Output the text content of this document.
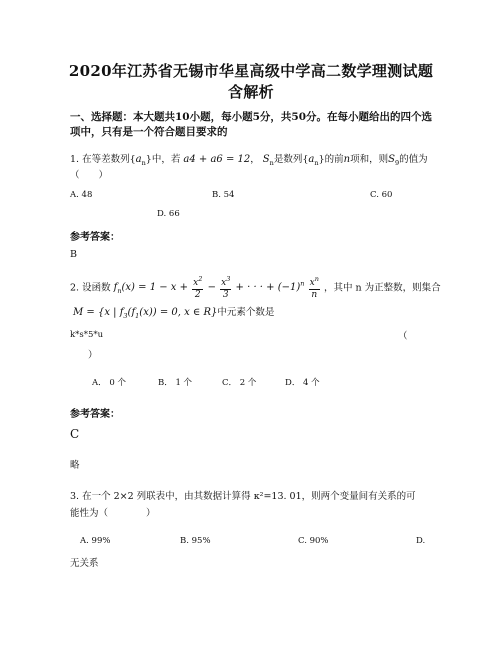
2020年江苏省无锡市华星高级中学高二数学理测试题
含解析
一、选择题：本大题共10小题，每小题5分，共50分。在每小题给出的四个选
项中，只有是一个符合题目要求的
1. 在等差数列$\{a_n\}$中，若 a4 + a6 = 12， $S_n$是数列$\{a_n\}$的前n项和，则$S_9$的值为
（　　）
A. 48	B. 54	C. 60
D. 66
参考答案：
B
2. 设函数 $f_n(x) = 1 - x + \frac{x^2}{2} - \frac{x^3}{3}$ + · · · + $(-1)^n \frac{x^n}{n}$ ，其中 n 为正整数，则集合
M = {x | $f_3(f_1(x)) = 0$, x ∈ R}中元素个数是
k*s*5*u	（
）
A． 0 个	B． 1 个	C． 2 个	D． 4 个
参考答案：
C
略
3. 在一个 2×2 列联表中，由其数据计算得 κ²=13. 01，则两个变量间有关系的可
能性为（　　　　）
A. 99%	B. 95%	C. 90%	D.
无关系
